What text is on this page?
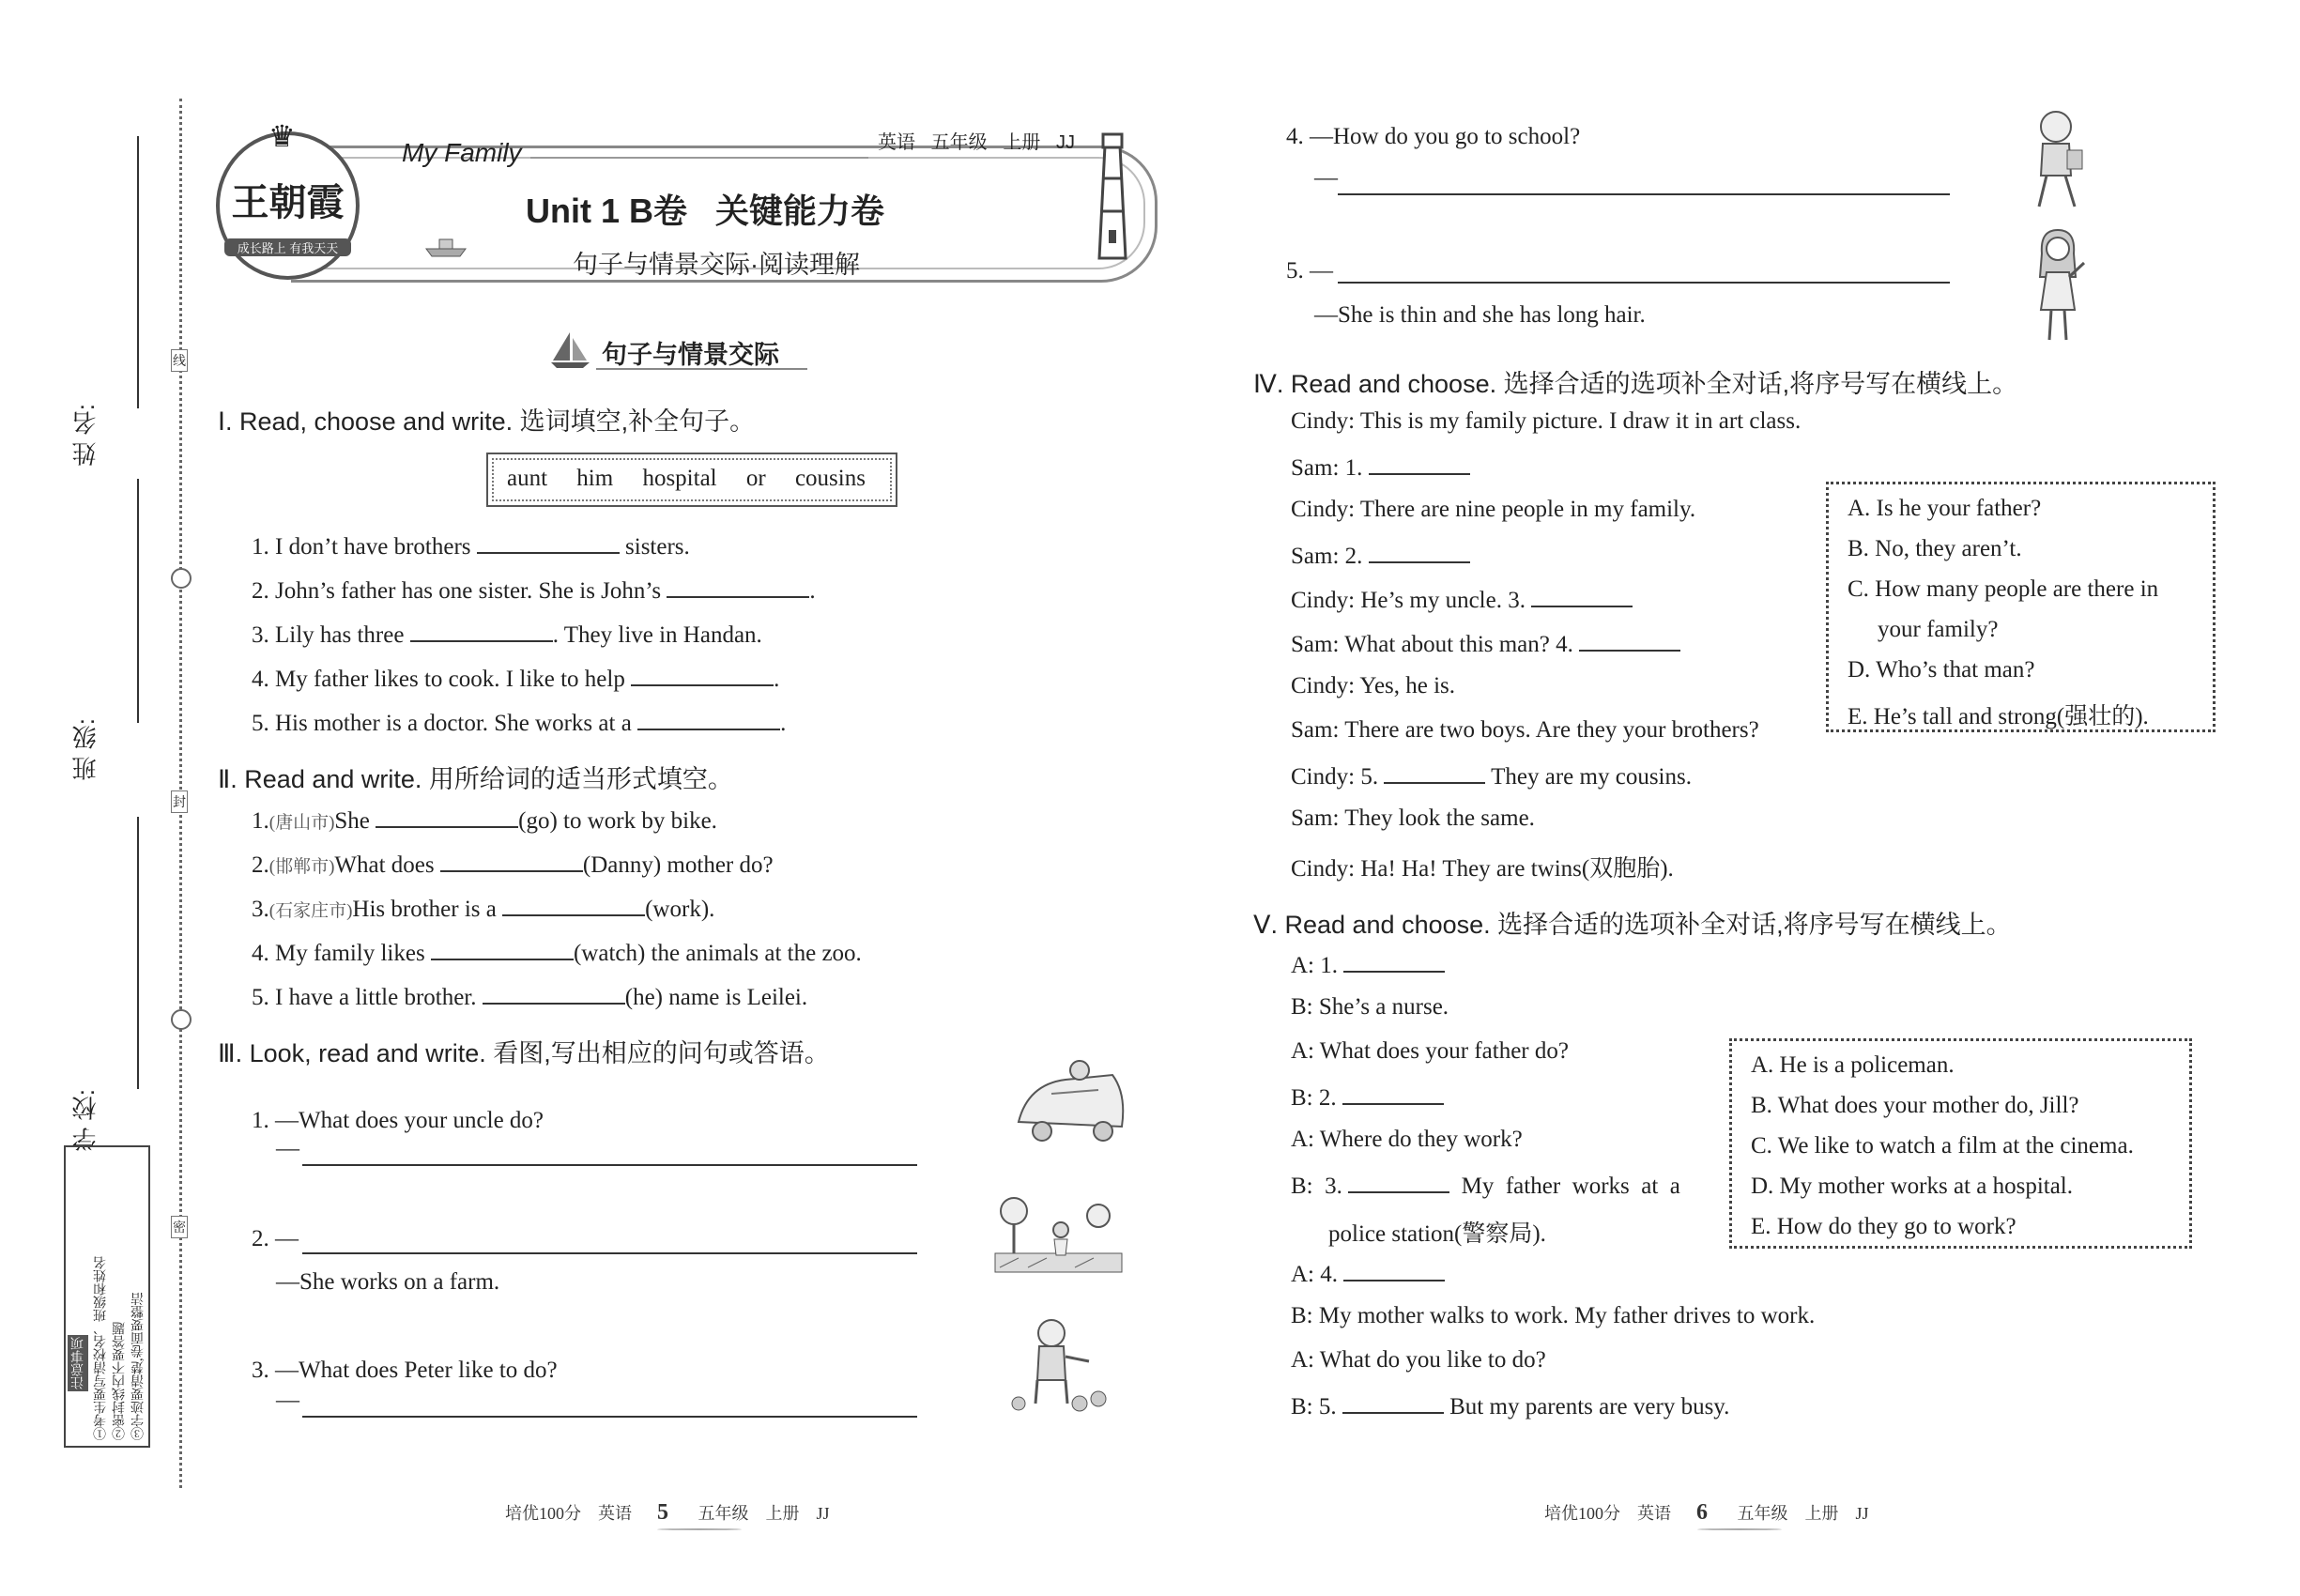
姓 名:
班 级:
学 校:
线
封
密
注意事项 ①考生要写清校名、班级和姓名 ②密封线内不要答题 ③字迹要清楚,卷面要整洁
♛
王朝霞
成长路上 有我天天
My Family	英语 五年级 上册 JJ
Unit 1 B卷   关键能力卷
句子与情景交际·阅读理解
句子与情景交际
Ⅰ. Read, choose and write. 选词填空,补全句子。
aunt him hospital or cousins
1. I don’t have brothers	sisters.
2. John’s father has one sister. She is John’s	.
3. Lily has three	. They live in Handan.
4. My father likes to cook. I like to help	.
5. His mother is a doctor. She works at a	.
Ⅱ. Read and write. 用所给词的适当形式填空。
1.(唐山市)She	(go) to work by bike.
2.(邯郸市)What does	(Danny) mother do?
3.(石家庄市)His brother is a	(work).
4. My family likes	(watch) the animals at the zoo.
5. I have a little brother.	(he) name is Leilei.
Ⅲ. Look, read and write. 看图,写出相应的问句或答语。
1. —What does your uncle do?
—
2. —
—She works on a farm.
3. —What does Peter like to do?
—
4. —How do you go to school?
—
5. —
—She is thin and she has long hair.
Ⅳ. Read and choose. 选择合适的选项补全对话,将序号写在横线上。
Cindy: This is my family picture. I draw it in art class.
Sam: 1.
Cindy: There are nine people in my family.
Sam: 2.
Cindy: He’s my uncle. 3.
Sam: What about this man? 4.
Cindy: Yes, he is.
Sam: There are two boys. Are they your brothers?
Cindy: 5.	They are my cousins.
Sam: They look the same.
Cindy: Ha! Ha! They are twins(双胞胎).
A. Is he your father?
B. No, they aren’t.
C. How many people are there in
your family?
D. Who’s that man?
E. He’s tall and strong(强壮的).
Ⅴ. Read and choose. 选择合适的选项补全对话,将序号写在横线上。
A: 1.
B: She’s a nurse.
A: What does your father do?
B: 2.
A: Where do they work?
B:  3.	My  father  works  at  a
police station(警察局).
A: 4.
B: My mother walks to work. My father drives to work.
A: What do you like to do?
B: 5.	But my parents are very busy.
A. He is a policeman.
B. What does your mother do, Jill?
C. We like to watch a film at the cinema.
D. My mother works at a hospital.
E. How do they go to work?
培优100分 英语 5 五年级 上册 JJ	培优100分 英语 6 五年级 上册 JJ
